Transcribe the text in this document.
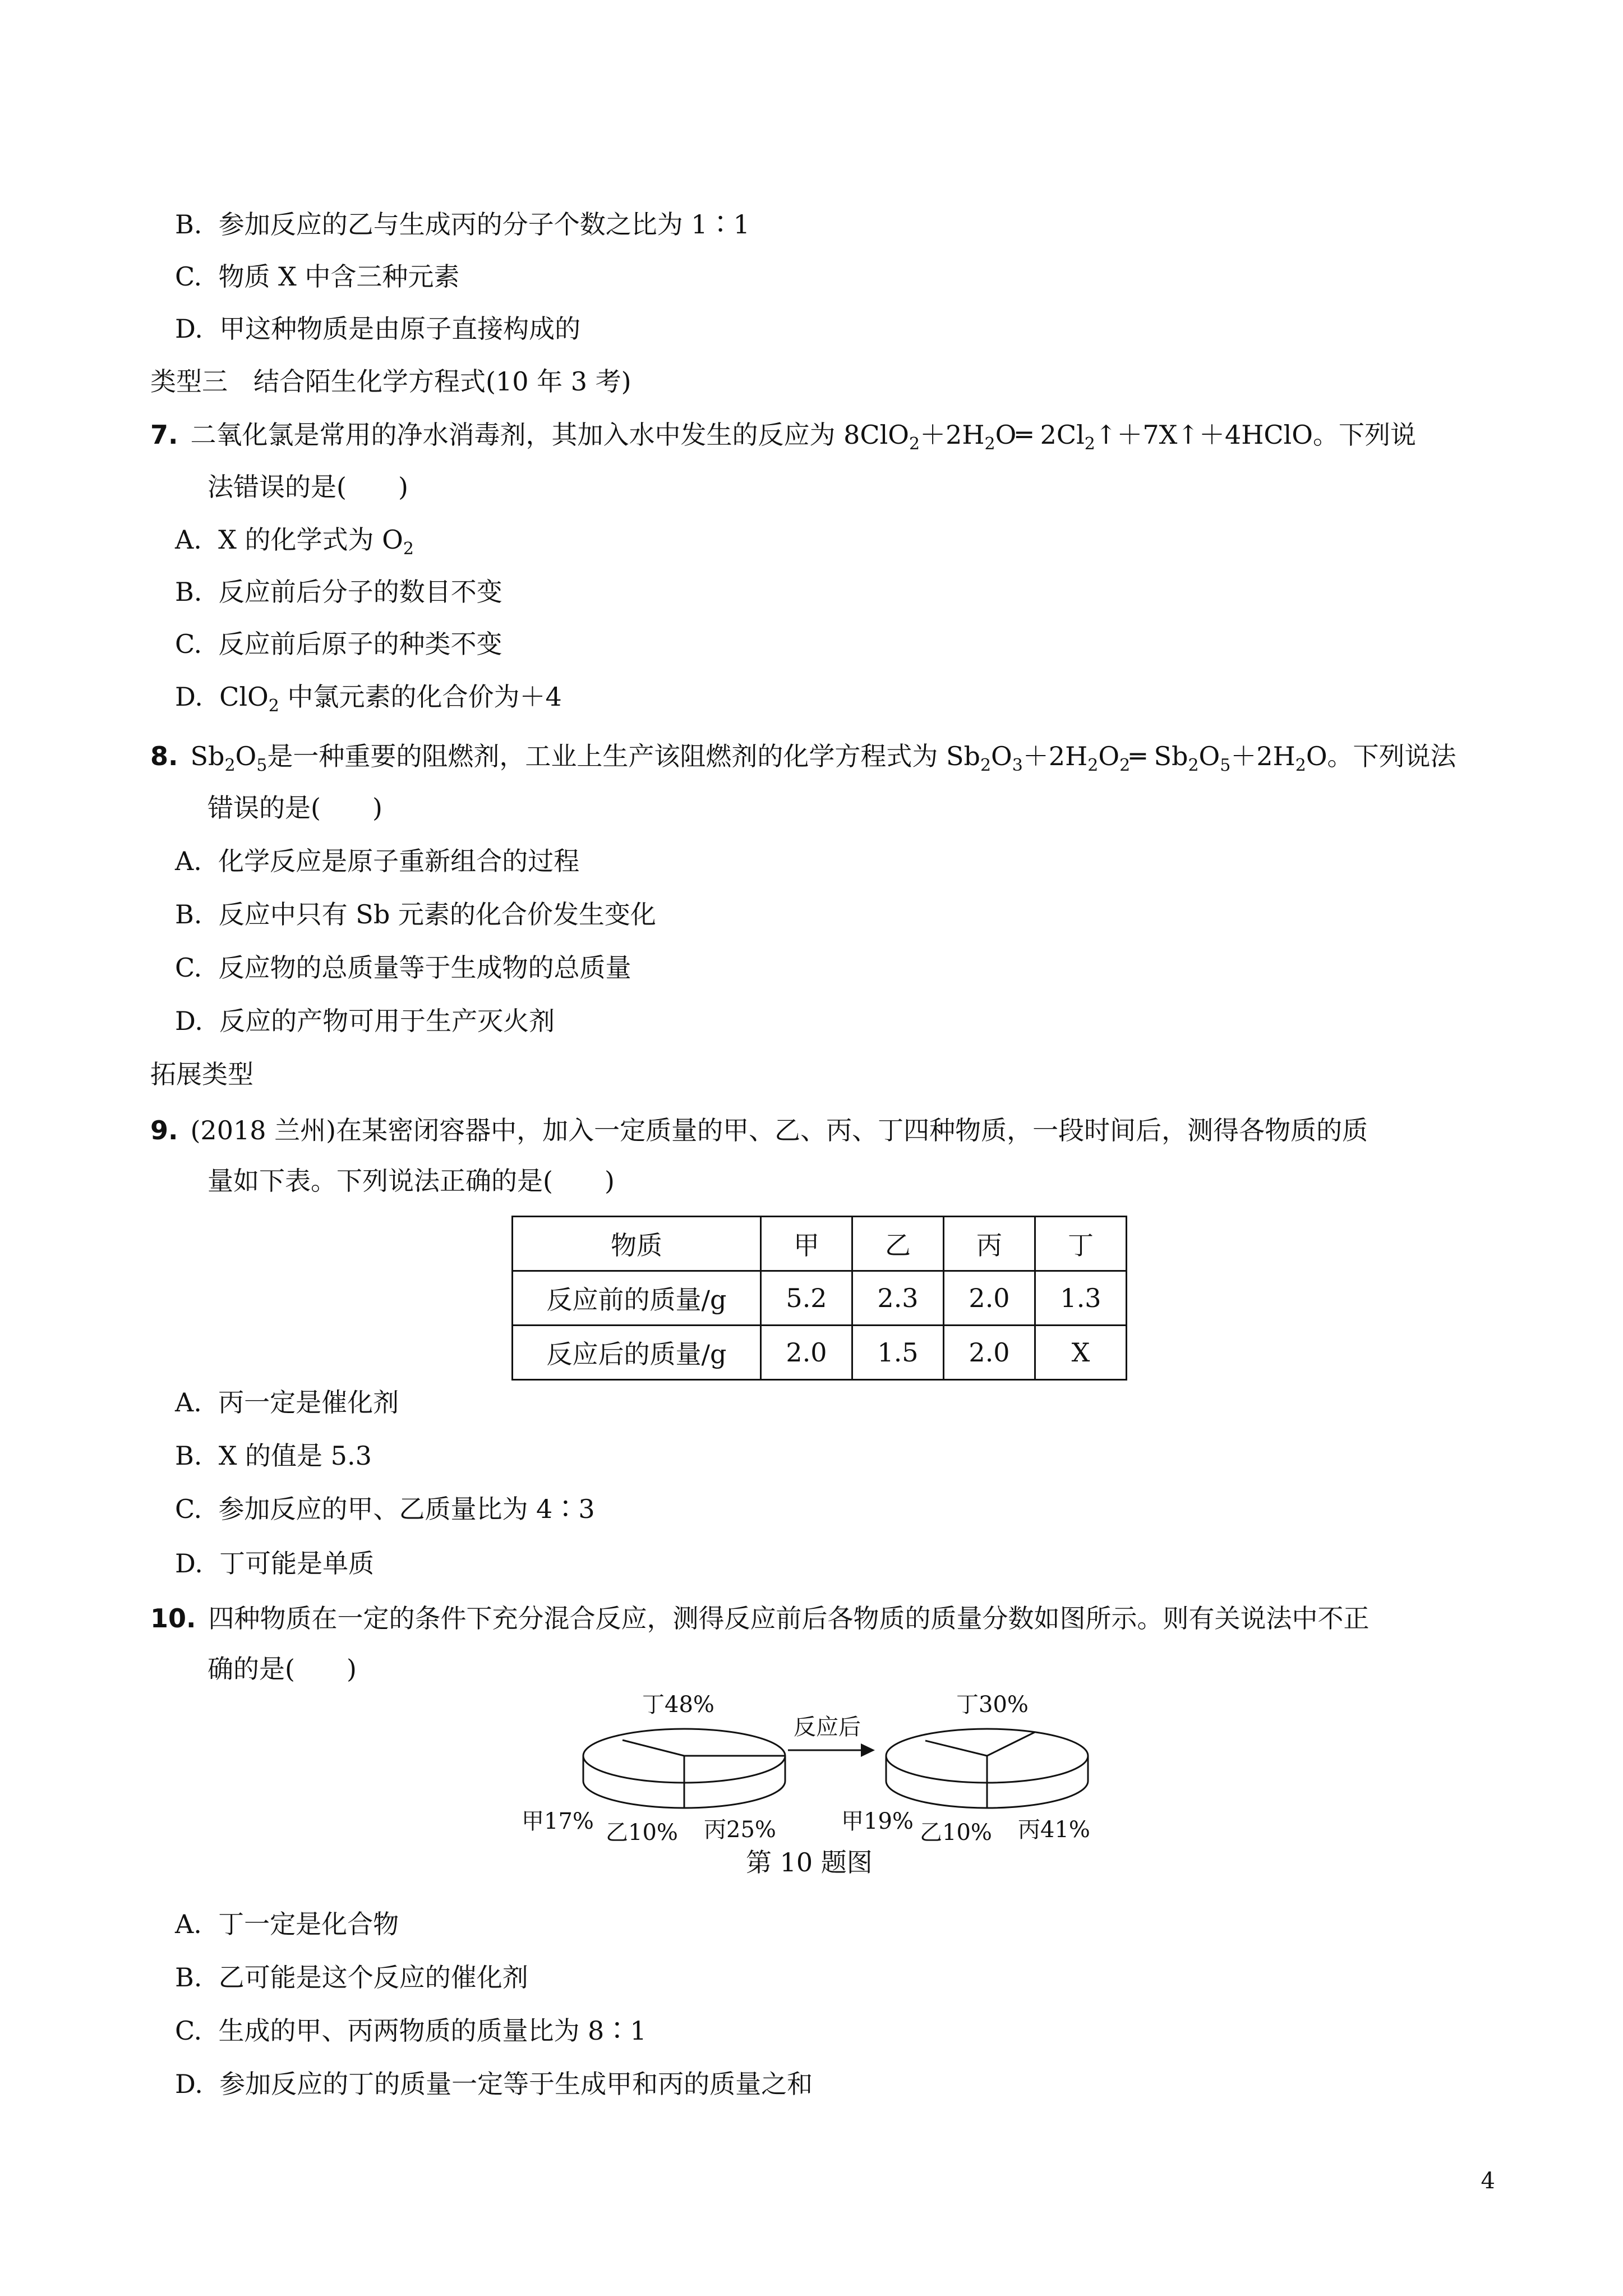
B. 参加反应的乙与生成丙的分子个数之比为 1∶1
C. 物质 X 中含三种元素
D. 甲这种物质是由原子直接构成的
类型三　结合陌生化学方程式(10 年 3 考)
7. 二氧化氯是常用的净水消毒剂，其加入水中发生的反应为 $8ClO_2+2H_2O═$ $2Cl_2↑+7X↑+4HClO$。下列说
法错误的是(　　)
A. X 的化学式为 $O_2$
B. 反应前后分子的数目不变
C. 反应前后原子的种类不变
D. ClO$_2$ 中氯元素的化合价为＋4
8. $Sb_2O_5$是一种重要的阻燃剂，工业上生产该阻燃剂的化学方程式为 $Sb_2O_3+2H_2O_2═$ $Sb_2O_5+2H_2O$。下列说法
错误的是(　　)
A. 化学反应是原子重新组合的过程
B. 反应中只有 Sb 元素的化合价发生变化
C. 反应物的总质量等于生成物的总质量
D. 反应的产物可用于生产灭火剂
拓展类型
9. (2018 兰州)在某密闭容器中，加入一定质量的甲、乙、丙、丁四种物质，一段时间后，测得各物质的质
量如下表。下列说法正确的是(　　)
物质	甲	乙	丙	丁
反应前的质量/g	5.2	2.3	2.0	1.3
反应后的质量/g	2.0	1.5	2.0	X
A. 丙一定是催化剂
B. X 的值是 5.3
C. 参加反应的甲、乙质量比为 4∶3
D. 丁可能是单质
10. 四种物质在一定的条件下充分混合反应，测得反应前后各物质的质量分数如图所示。则有关说法中不正
确的是(　　)
丁48%
甲17% 乙10% 丙25%
反应后
丁30%
甲19% 乙10% 丙41%
第 10 题图
A. 丁一定是化合物
B. 乙可能是这个反应的催化剂
C. 生成的甲、丙两物质的质量比为 8∶1
D. 参加反应的丁的质量一定等于生成甲和丙的质量之和
4
